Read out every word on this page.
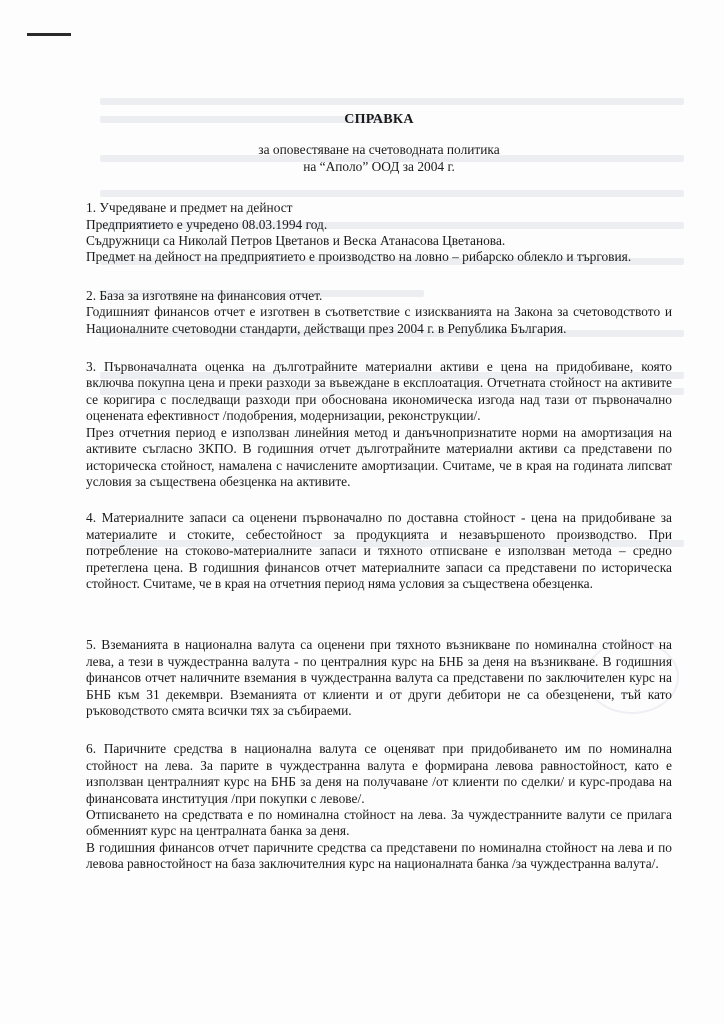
СПРАВКА

за оповестяване на счетоводната политика

на “Аполо” ООД за 2004 г.

1. Учредяване и предмет на дейност

Предприятието е учредено 08.03.1994 год.

Съдружници са Николай Петров Цветанов и Веска Атанасова Цветанова.

Предмет на дейност на предприятието е производство на ловно – рибарско облекло и търговия.

2. База за изготвяне на финансовия отчет.

Годишният финансов отчет е изготвен в съответствие с изискванията на Закона за счетоводството и Националните счетоводни стандарти, действащи през 2004 г. в Република България.

3. Първоначалната оценка на дълготрайните материални активи е цена на придобиване, която включва покупна цена и преки разходи за въвеждане в експлоатация. Отчетната стойност на активите се коригира с последващи разходи при обоснована икономическа изгода над тази от първоначално оценената ефективност /подобрения, модернизации, реконструкции/.

През отчетния период е използван линейния метод и данъчнопризнатите норми на амортизация на активите съгласно ЗКПО. В годишния отчет дълготрайните материални активи са представени по историческа стойност, намалена с начислените амортизации. Считаме, че в края на годината липсват условия за съществена обезценка на активите.

4. Материалните запаси са оценени първоначално по доставна стойност - цена на придобиване за материалите и стоките, себестойност за продукцията и незавършеното производство. При потребление на стоково-материалните запаси и тяхното отписване е използван метода – средно претеглена цена. В годишния финансов отчет материалните запаси са представени по историческа стойност. Считаме, че в края на отчетния период няма условия за съществена обезценка.

5. Вземанията в национална валута са оценени при тяхното възникване по номинална стойност на лева, а тези в чуждестранна валута - по централния курс на БНБ за деня на възникване. В годишния финансов отчет наличните вземания в чуждестранна валута са представени по заключителен курс на БНБ към 31 декември. Вземанията от клиенти и от други дебитори не са обезценени, тъй като ръководството смята всички тях за събираеми.

6. Паричните средства в национална валута се оценяват при придобиването им по номинална стойност на лева. За парите в чуждестранна валута е формирана левова равностойност, като е използван централният курс на БНБ за деня на получаване /от клиенти по сделки/ и курс-продава на финансовата институция /при покупки с левове/.

Отписването на средствата е по номинална стойност на лева. За чуждестранните валути се прилага обменният курс на централната банка за деня.

В годишния финансов отчет паричните средства са представени по номинална стойност на лева и по левова равностойност на база заключителния курс на националната банка /за чуждестранна валута/.
